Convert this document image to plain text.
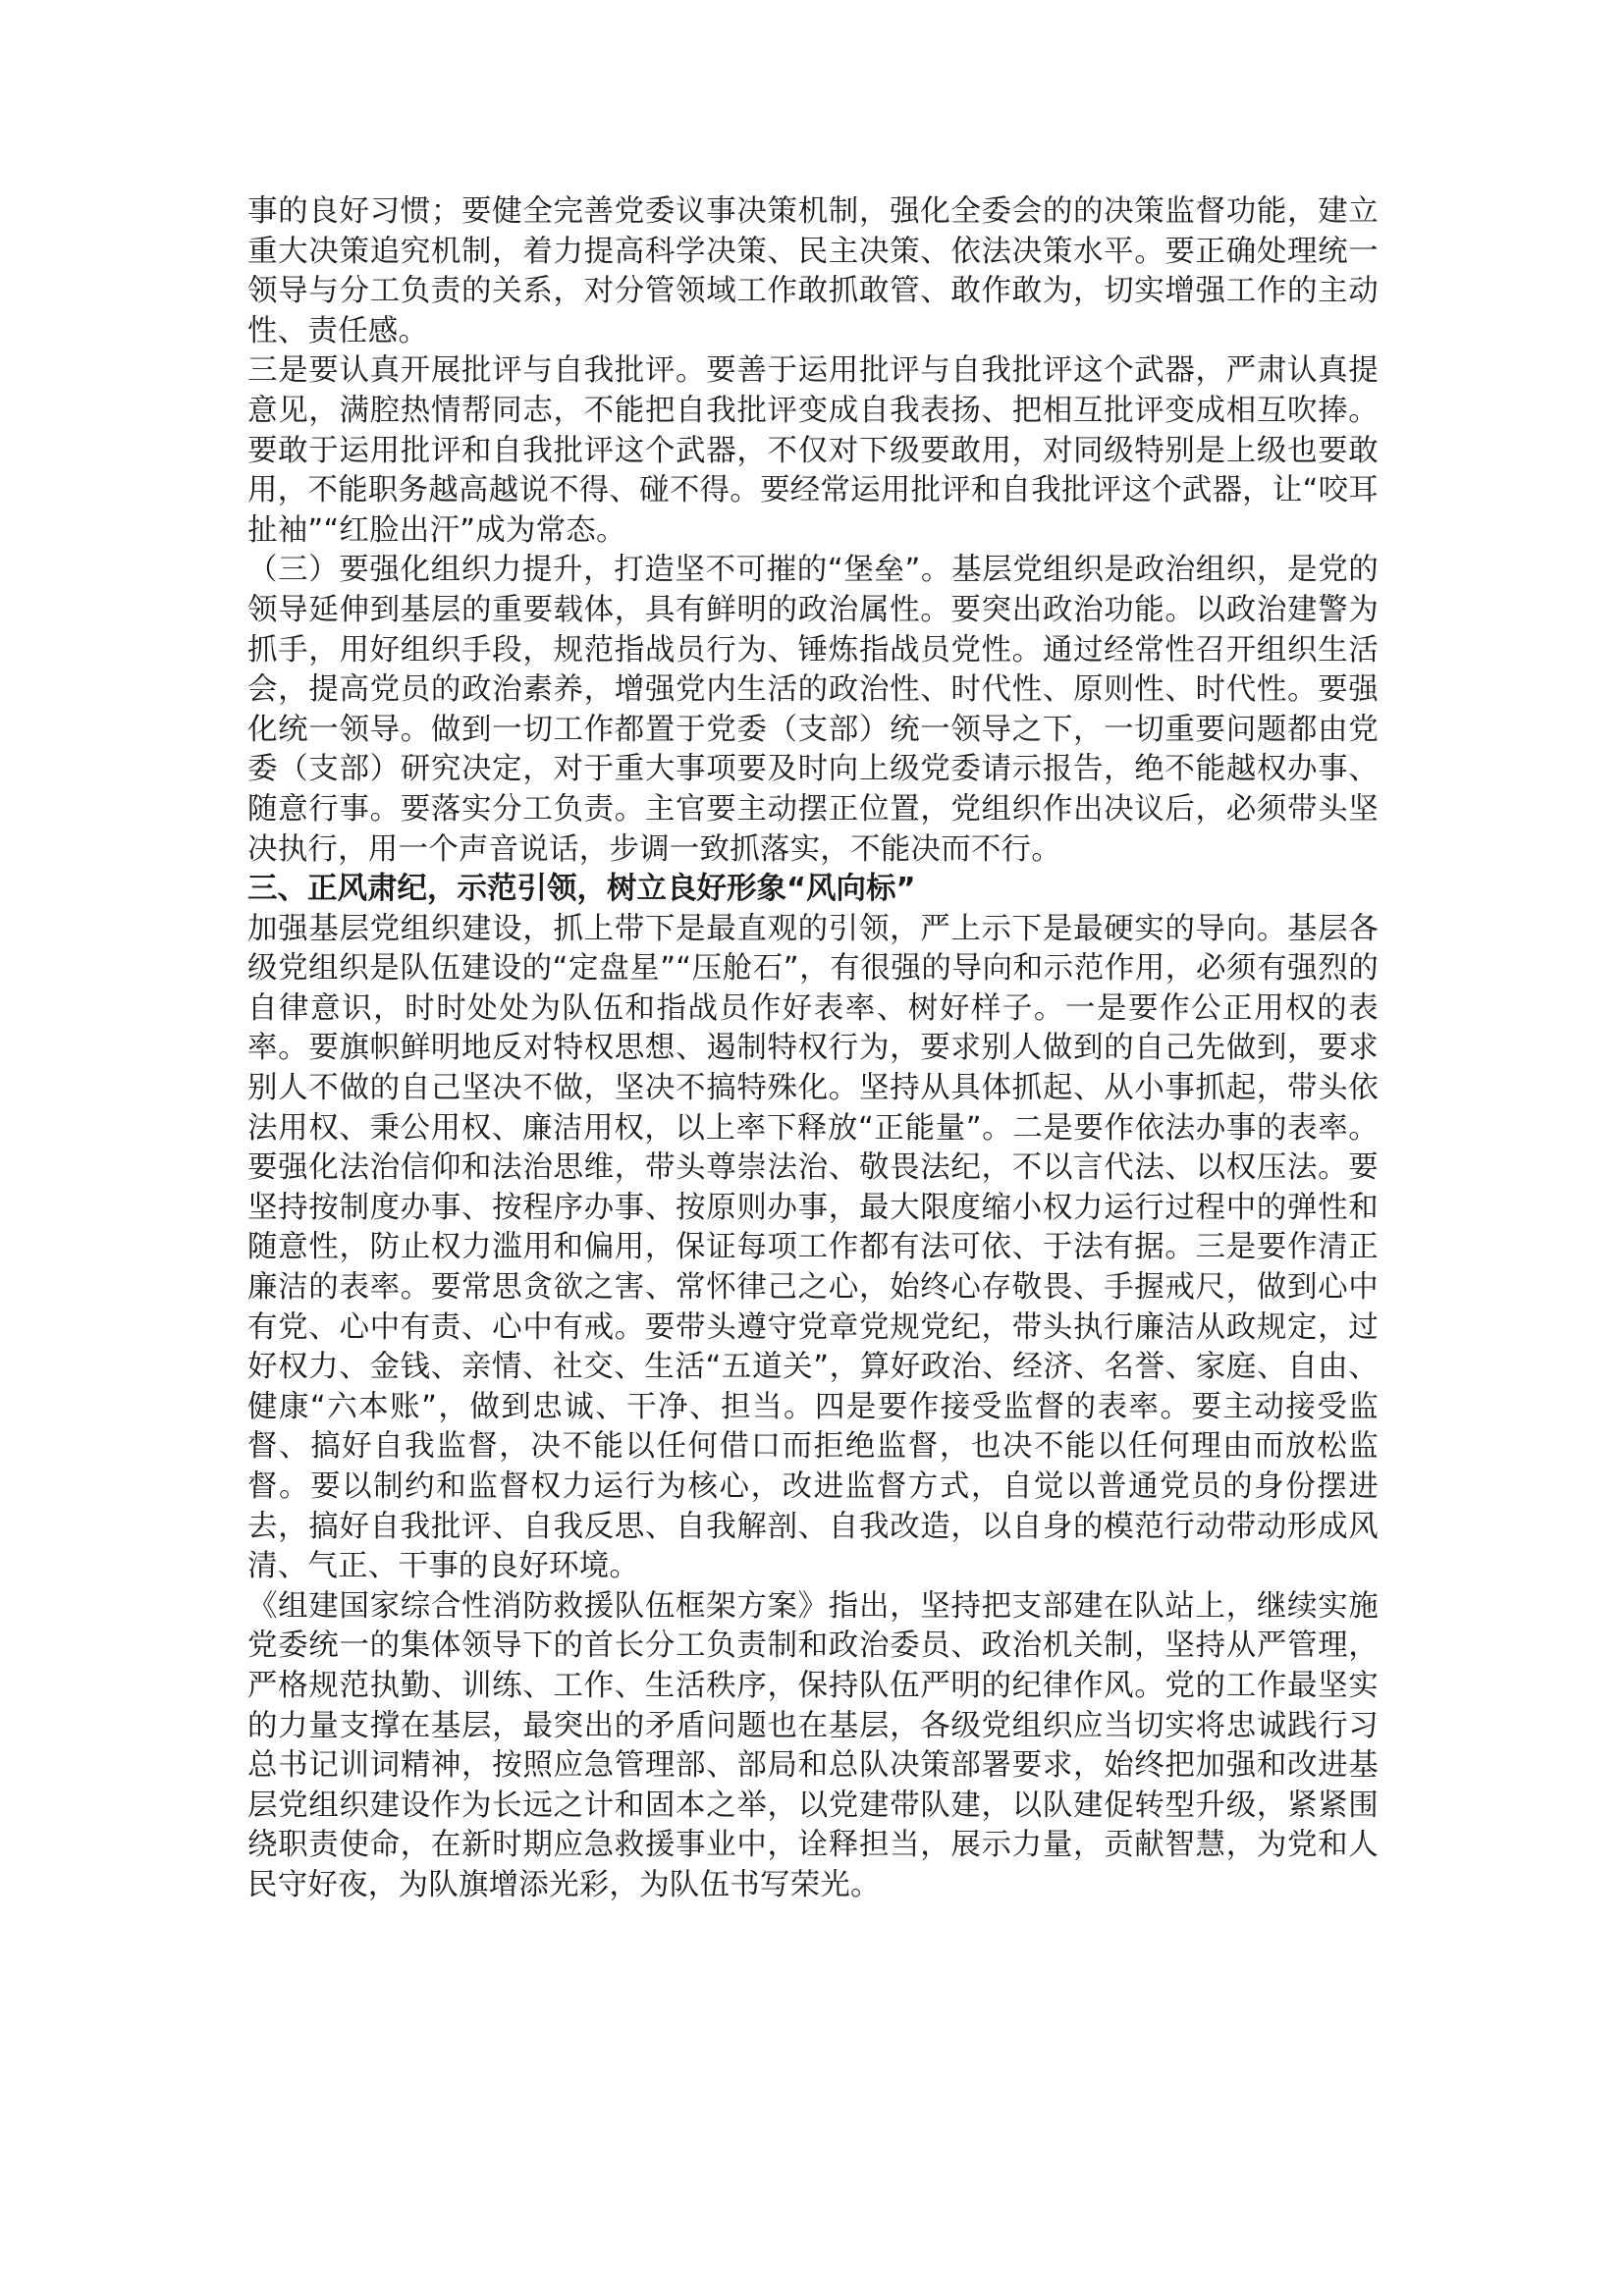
事的良好习惯；要健全完善党委议事决策机制，强化全委会的的决策监督功能，建立重大决策追究机制，着力提高科学决策、民主决策、依法决策水平。要正确处理统一领导与分工负责的关系，对分管领域工作敢抓敢管、敢作敢为，切实增强工作的主动性、责任感。

三是要认真开展批评与自我批评。要善于运用批评与自我批评这个武器，严肃认真提意见，满腔热情帮同志，不能把自我批评变成自我表扬、把相互批评变成相互吹捧。要敢于运用批评和自我批评这个武器，不仅对下级要敢用，对同级特别是上级也要敢用，不能职务越高越说不得、碰不得。要经常运用批评和自我批评这个武器，让“咬耳扯袖”“红脸出汗”成为常态。

（三）要强化组织力提升，打造坚不可摧的“堡垒”。基层党组织是政治组织，是党的领导延伸到基层的重要载体，具有鲜明的政治属性。要突出政治功能。以政治建警为抓手，用好组织手段，规范指战员行为、锤炼指战员党性。通过经常性召开组织生活会，提高党员的政治素养，增强党内生活的政治性、时代性、原则性、时代性。要强化统一领导。做到一切工作都置于党委（支部）统一领导之下，一切重要问题都由党委（支部）研究决定，对于重大事项要及时向上级党委请示报告，绝不能越权办事、随意行事。要落实分工负责。主官要主动摆正位置，党组织作出决议后，必须带头坚决执行，用一个声音说话，步调一致抓落实，不能决而不行。

三、正风肃纪，示范引领，树立良好形象“风向标”

加强基层党组织建设，抓上带下是最直观的引领，严上示下是最硬实的导向。基层各级党组织是队伍建设的“定盘星”“压舱石”，有很强的导向和示范作用，必须有强烈的自律意识，时时处处为队伍和指战员作好表率、树好样子。一是要作公正用权的表率。要旗帜鲜明地反对特权思想、遏制特权行为，要求别人做到的自己先做到，要求别人不做的自己坚决不做，坚决不搞特殊化。坚持从具体抓起、从小事抓起，带头依法用权、秉公用权、廉洁用权，以上率下释放“正能量”。二是要作依法办事的表率。要强化法治信仰和法治思维，带头尊崇法治、敬畏法纪，不以言代法、以权压法。要坚持按制度办事、按程序办事、按原则办事，最大限度缩小权力运行过程中的弹性和随意性，防止权力滥用和偏用，保证每项工作都有法可依、于法有据。三是要作清正廉洁的表率。要常思贪欲之害、常怀律己之心，始终心存敬畏、手握戒尺，做到心中有党、心中有责、心中有戒。要带头遵守党章党规党纪，带头执行廉洁从政规定，过好权力、金钱、亲情、社交、生活“五道关”，算好政治、经济、名誉、家庭、自由、健康“六本账”，做到忠诚、干净、担当。四是要作接受监督的表率。要主动接受监督、搞好自我监督，决不能以任何借口而拒绝监督，也决不能以任何理由而放松监督。要以制约和监督权力运行为核心，改进监督方式，自觉以普通党员的身份摆进去，搞好自我批评、自我反思、自我解剖、自我改造，以自身的模范行动带动形成风清、气正、干事的良好环境。

《组建国家综合性消防救援队伍框架方案》指出，坚持把支部建在队站上，继续实施党委统一的集体领导下的首长分工负责制和政治委员、政治机关制，坚持从严管理，严格规范执勤、训练、工作、生活秩序，保持队伍严明的纪律作风。党的工作最坚实的力量支撑在基层，最突出的矛盾问题也在基层，各级党组织应当切实将忠诚践行习总书记训词精神，按照应急管理部、部局和总队决策部署要求，始终把加强和改进基层党组织建设作为长远之计和固本之举，以党建带队建，以队建促转型升级，紧紧围绕职责使命，在新时期应急救援事业中，诠释担当，展示力量，贡献智慧，为党和人民守好夜，为队旗增添光彩，为队伍书写荣光。
